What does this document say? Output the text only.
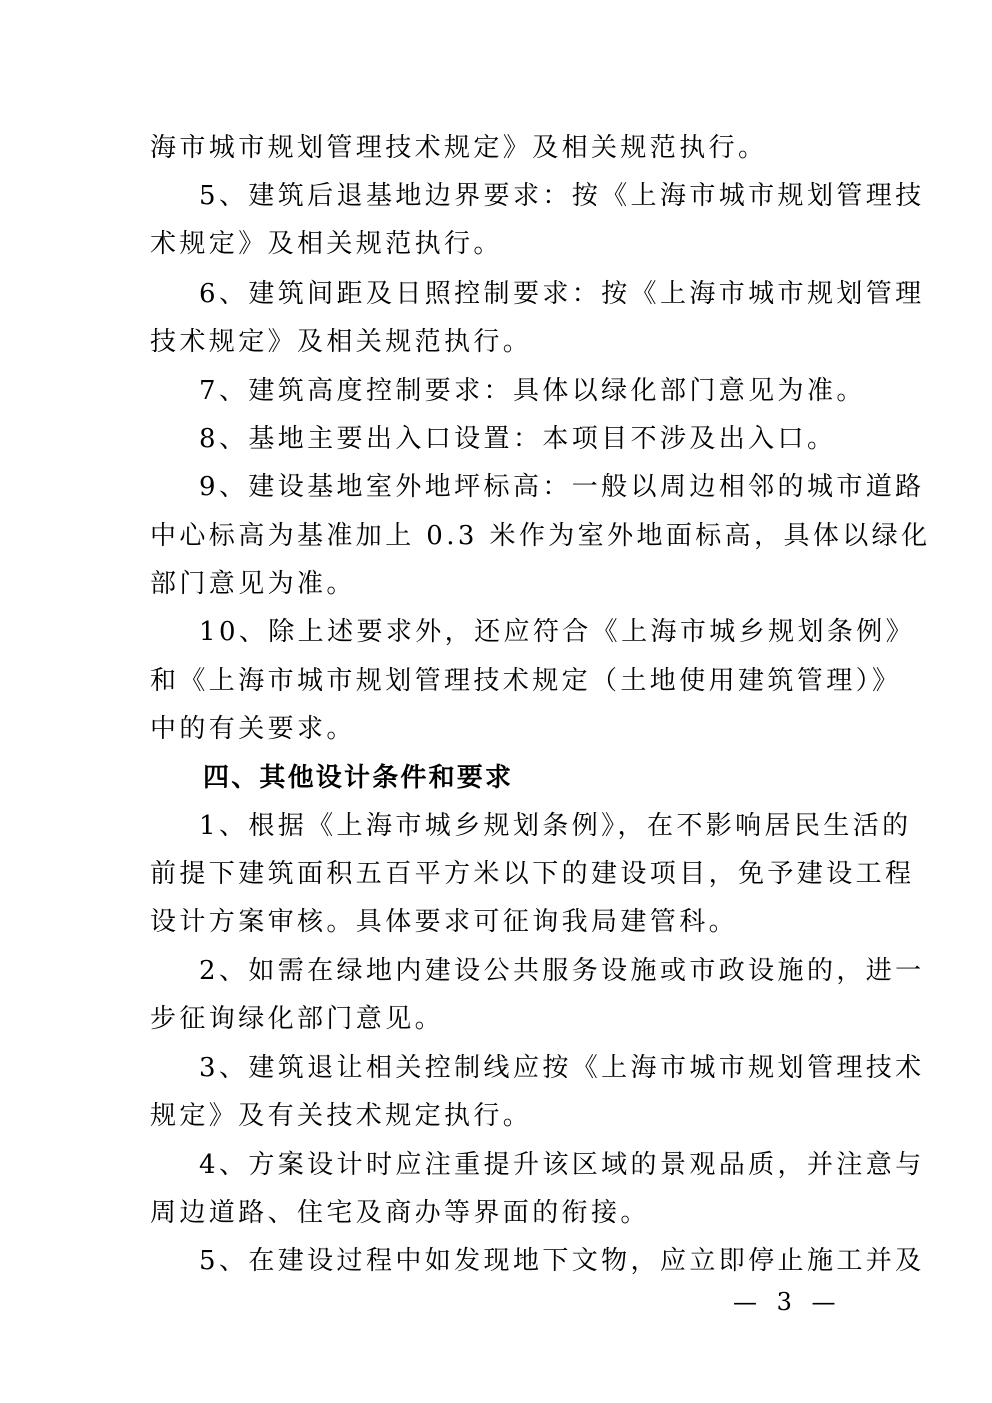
海市城市规划管理技术规定》及相关规范执行。
5、建筑后退基地边界要求：按《上海市城市规划管理技
术规定》及相关规范执行。
6、建筑间距及日照控制要求：按《上海市城市规划管理
技术规定》及相关规范执行。
7、建筑高度控制要求：具体以绿化部门意见为准。
8、基地主要出入口设置：本项目不涉及出入口。
9、建设基地室外地坪标高：一般以周边相邻的城市道路
中心标高为基准加上 0.3 米作为室外地面标高，具体以绿化
部门意见为准。
10、除上述要求外，还应符合《上海市城乡规划条例》
和《上海市城市规划管理技术规定（土地使用建筑管理）》
中的有关要求。
四、其他设计条件和要求
1、根据《上海市城乡规划条例》，在不影响居民生活的
前提下建筑面积五百平方米以下的建设项目，免予建设工程
设计方案审核。具体要求可征询我局建管科。
2、如需在绿地内建设公共服务设施或市政设施的，进一
步征询绿化部门意见。
3、建筑退让相关控制线应按《上海市城市规划管理技术
规定》及有关技术规定执行。
4、方案设计时应注重提升该区域的景观品质，并注意与
周边道路、住宅及商办等界面的衔接。
5、在建设过程中如发现地下文物，应立即停止施工并及
— 3 —
